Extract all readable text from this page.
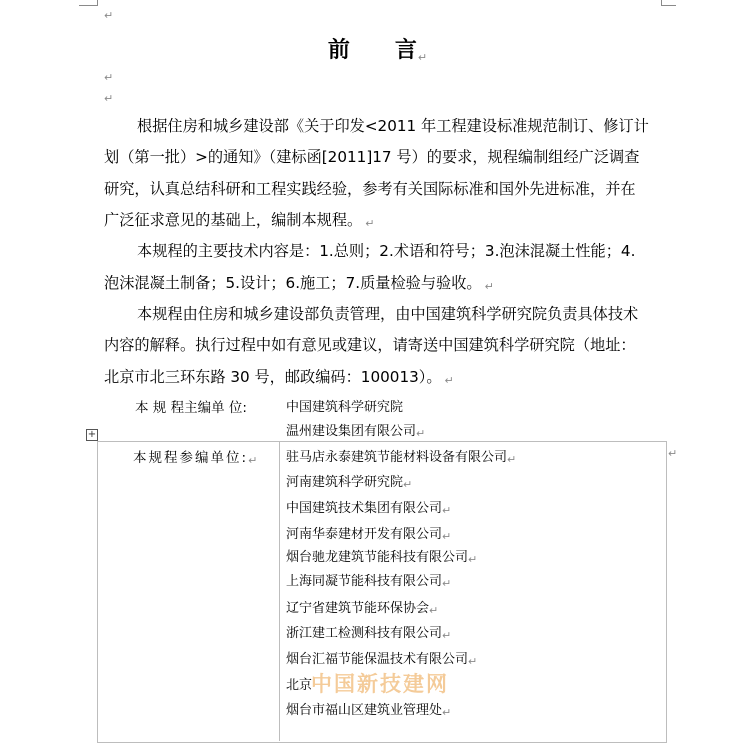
↵
↵
↵
前 言↵
根据住房和城乡建设部《关于印发<2011 年工程建设标准规范制订、修订计
划（第一批）>的通知》（建标函[2011]17 号）的要求，规程编制组经广泛调查
研究，认真总结科研和工程实践经验，参考有关国际标准和国外先进标准，并在
广泛征求意见的基础上，编制本规程。 ↵
本规程的主要技术内容是：1.总则；2.术语和符号；3.泡沫混凝土性能；4.
泡沫混凝土制备；5.设计；6.施工；7.质量检验与验收。 ↵
本规程由住房和城乡建设部负责管理，由中国建筑科学研究院负责具体技术
内容的解释。执行过程中如有意见或建议，请寄送中国建筑科学研究院（地址：
北京市北三环东路 30 号，邮政编码：100013）。 ↵
本 规 程主编单 位:	中国建筑科学研究院
温州建设集团有限公司↵
+
↵
本规程参编单位:↵ 驻马店永泰建筑节能材料设备有限公司↵
河南建筑科学研究院↵
中国建筑技术集团有限公司↵
河南华泰建材开发有限公司↵
烟台驰龙建筑节能科技有限公司↵
上海同凝节能科技有限公司↵
辽宁省建筑节能环保协会↵
浙江建工检测科技有限公司↵
烟台汇福节能保温技术有限公司↵
北京
烟台市福山区建筑业管理处↵
中国新技建网
